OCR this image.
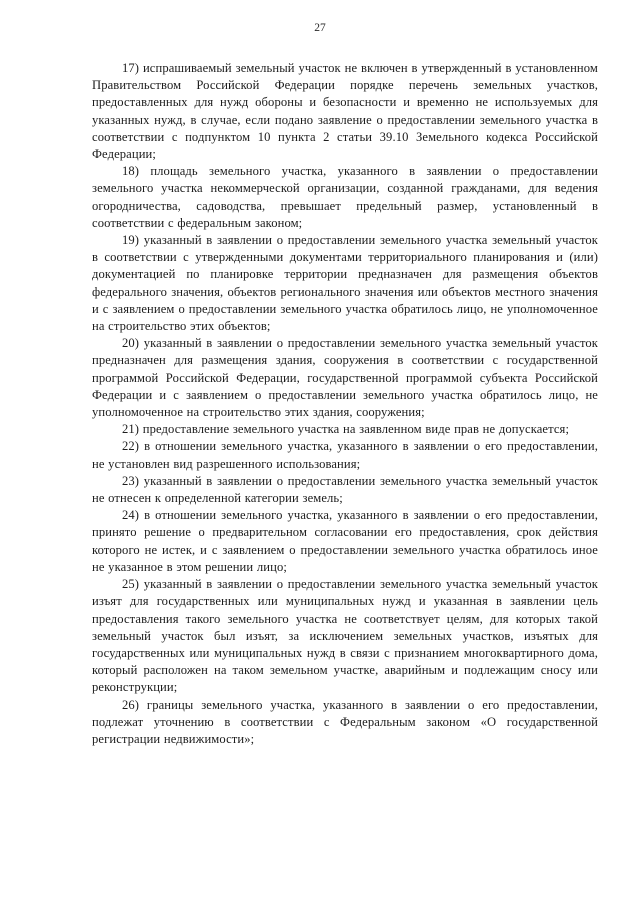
27

17) испрашиваемый земельный участок не включен в утвержденный в установленном Правительством Российской Федерации порядке перечень земельных участков, предоставленных для нужд обороны и безопасности и временно не используемых для указанных нужд, в случае, если подано заявление о предоставлении земельного участка в соответствии с подпунктом 10 пункта 2 статьи 39.10 Земельного кодекса Российской Федерации;

18) площадь земельного участка, указанного в заявлении о предоставлении земельного участка некоммерческой организации, созданной гражданами, для ведения огородничества, садоводства, превышает предельный размер, установленный в соответствии с федеральным законом;

19) указанный в заявлении о предоставлении земельного участка земельный участок в соответствии с утвержденными документами территориального планирования и (или) документацией по планировке территории предназначен для размещения объектов федерального значения, объектов регионального значения или объектов местного значения и с заявлением о предоставлении земельного участка обратилось лицо, не уполномоченное на строительство этих объектов;

20) указанный в заявлении о предоставлении земельного участка земельный участок предназначен для размещения здания, сооружения в соответствии с государственной программой Российской Федерации, государственной программой субъекта Российской Федерации и с заявлением о предоставлении земельного участка обратилось лицо, не уполномоченное на строительство этих здания, сооружения;

21) предоставление земельного участка на заявленном виде прав не допускается;

22) в отношении земельного участка, указанного в заявлении о его предоставлении, не установлен вид разрешенного использования;

23) указанный в заявлении о предоставлении земельного участка земельный участок не отнесен к определенной категории земель;

24) в отношении земельного участка, указанного в заявлении о его предоставлении, принято решение о предварительном согласовании его предоставления, срок действия которого не истек, и с заявлением о предоставлении земельного участка обратилось иное не указанное в этом решении лицо;

25) указанный в заявлении о предоставлении земельного участка земельный участок изъят для государственных или муниципальных нужд и указанная в заявлении цель предоставления такого земельного участка не соответствует целям, для которых такой земельный участок был изъят, за исключением земельных участков, изъятых для государственных или муниципальных нужд в связи с признанием многоквартирного дома, который расположен на таком земельном участке, аварийным и подлежащим сносу или реконструкции;

26) границы земельного участка, указанного в заявлении о его предоставлении, подлежат уточнению в соответствии с Федеральным законом «О государственной регистрации недвижимости»;
